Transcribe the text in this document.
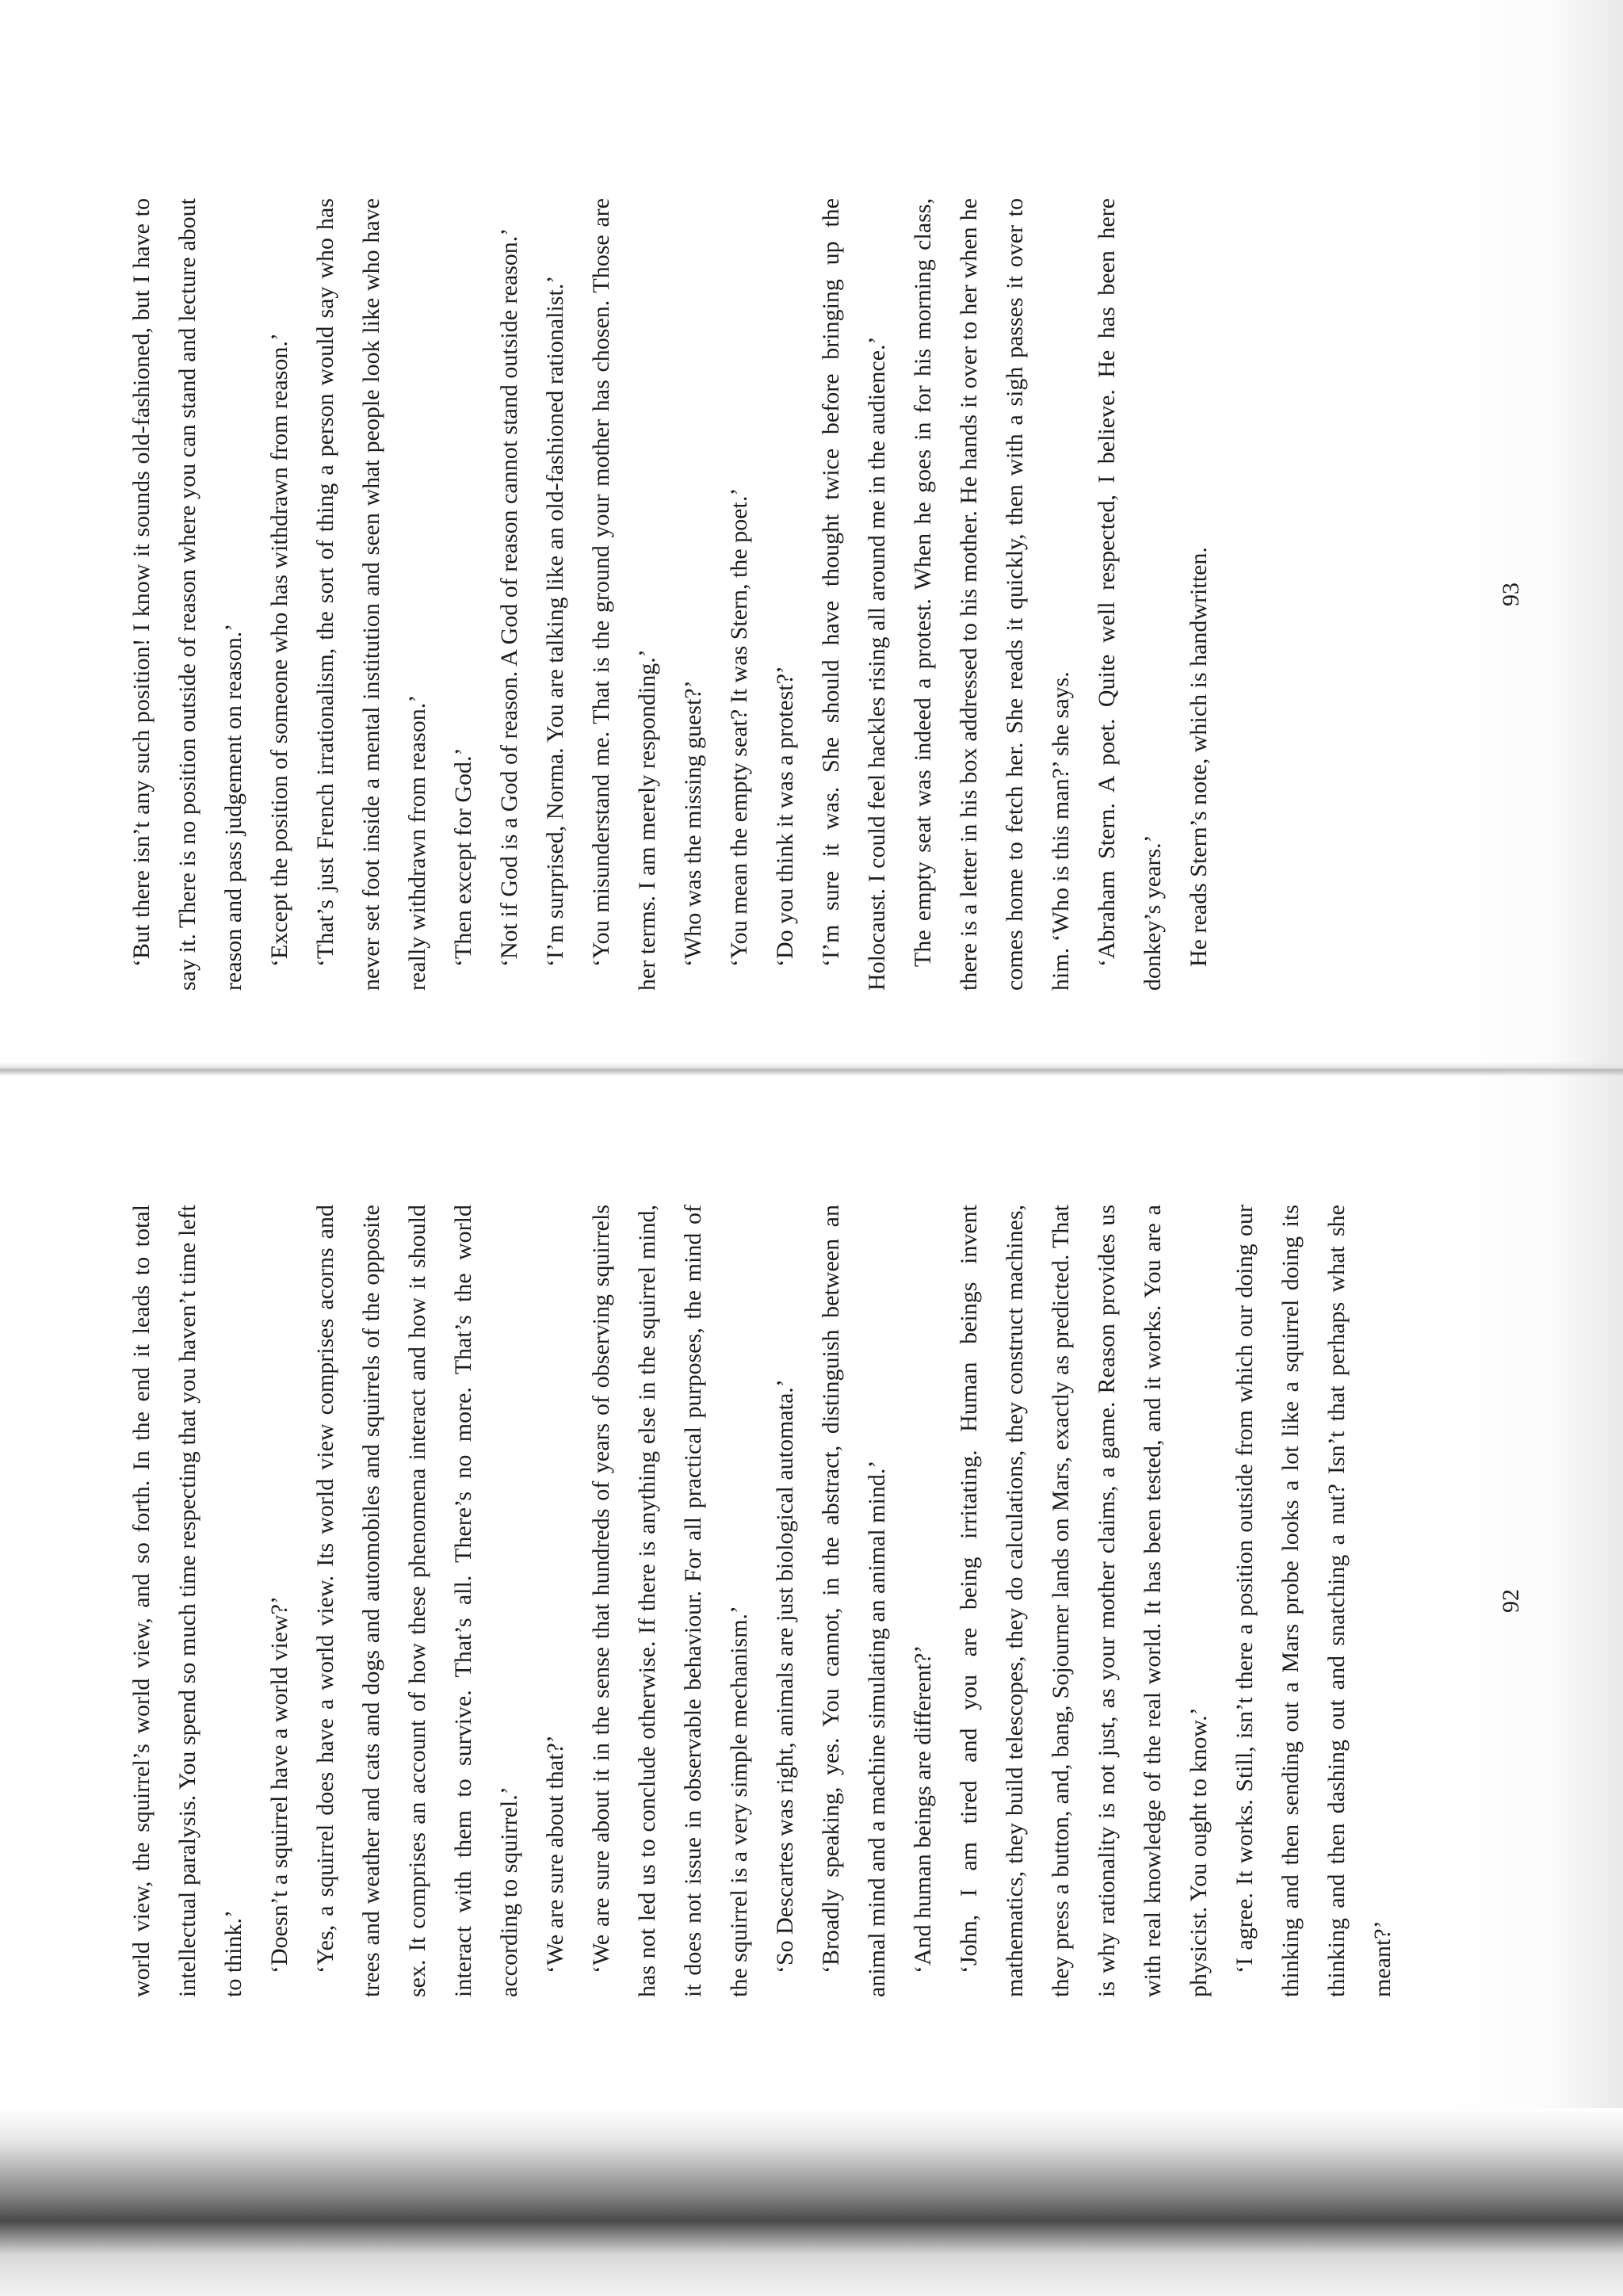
world view, the squirrel’s world view, and so forth. In the end it leads to total intellectual paralysis. You spend so much time respecting that you haven’t time left to think.’ ‘Doesn’t a squirrel have a world view?’ ‘Yes, a squirrel does have a world view. Its world view comprises acorns and trees and weather and cats and dogs and automobiles and squirrels of the opposite sex. It comprises an account of how these phenomena interact and how it should interact with them to survive. That’s all. There’s no more. That’s the world according to squirrel.’ ‘We are sure about that?’ ‘We are sure about it in the sense that hundreds of years of observing squirrels has not led us to conclude otherwise. If there is anything else in the squirrel mind, it does not issue in observable behaviour. For all practical purposes, the mind of the squirrel is a very simple mechanism.’ ‘So Descartes was right, animals are just biological automata.’ ‘Broadly speaking, yes. You cannot, in the abstract, distinguish between an animal mind and a machine simulating an animal mind.’ ‘And human beings are different?’ ‘John, I am tired and you are being irritating. Human beings invent mathematics, they build telescopes, they do calculations, they construct machines, they press a button, and, bang, Sojourner lands on Mars, exactly as predicted. That is why rationality is not just, as your mother claims, a game. Reason provides us with real knowledge of the real world. It has been tested, and it works. You are a physicist. You ought to know.’ ‘I agree. It works. Still, isn’t there a position outside from which our doing our thinking and then sending out a Mars probe looks a lot like a squirrel doing its thinking and then dashing out and snatching a nut? Isn’t that perhaps what she meant?’

92

‘But there isn’t any such position! I know it sounds old-fashioned, but I have to say it. There is no position outside of reason where you can stand and lecture about reason and pass judgement on reason.’ ‘Except the position of someone who has withdrawn from reason.’ ‘That’s just French irrationalism, the sort of thing a person would say who has never set foot inside a mental institution and seen what people look like who have really withdrawn from reason.’ ‘Then except for God.’ ‘Not if God is a God of reason. A God of reason cannot stand outside reason.’ ‘I’m surprised, Norma. You are talking like an old-fashioned rationalist.’ ‘You misunderstand me. That is the ground your mother has chosen. Those are her terms. I am merely responding.’ ‘Who was the missing guest?’ ‘You mean the empty seat? It was Stern, the poet.’ ‘Do you think it was a protest?’ ‘I’m sure it was. She should have thought twice before bringing up the Holocaust. I could feel hackles rising all around me in the audience.’ The empty seat was indeed a protest. When he goes in for his morning class, there is a letter in his box addressed to his mother. He hands it over to her when he comes home to fetch her. She reads it quickly, then with a sigh passes it over to him. ‘Who is this man?’ she says. ‘Abraham Stern. A poet. Quite well respected, I believe. He has been here donkey’s years.’ He reads Stern’s note, which is handwritten.	93
